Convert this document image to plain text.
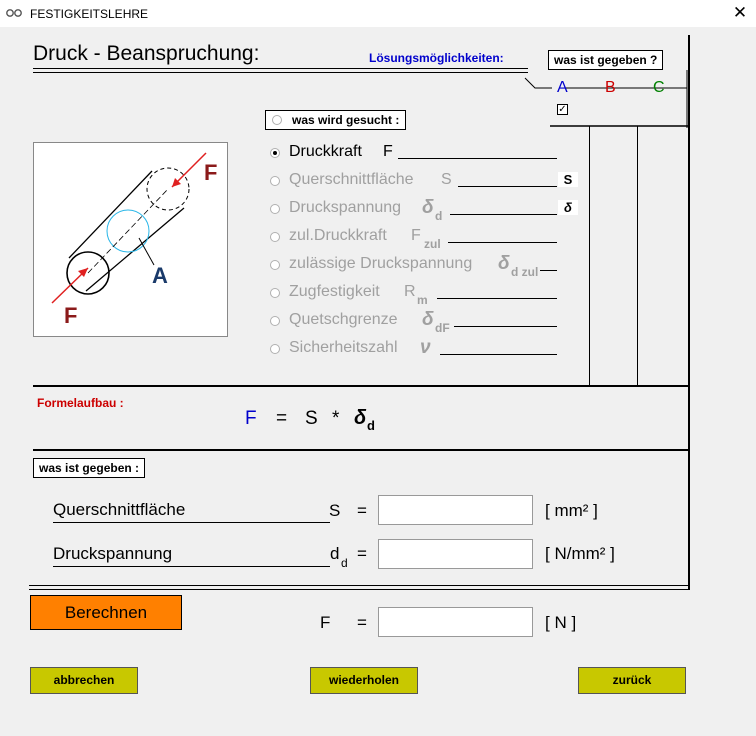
FESTIGKEITSLEHRE	✕
Druck - Beanspruchung:	Lösungsmöglichkeiten:	was ist gegeben ?
A B C
✓
F
F
A
was wird gesucht :
Druckkraft F
Querschnittfläche S	S
Druckspannung δ d
δ
zul.Druckkraft F zul
zulässige Druckspannung δ d zul
Zugfestigkeit R m
Quetschgrenze δ dF
Sicherheitszahl ν
Formelaufbau :
F = S * δ d
was ist gegeben :
Querschnittfläche	S =	[ mm² ]
Druckspannung	d d =	[ N/mm² ]
Berechnen
F =	[ N ]
abbrechen	wiederholen	zurück
